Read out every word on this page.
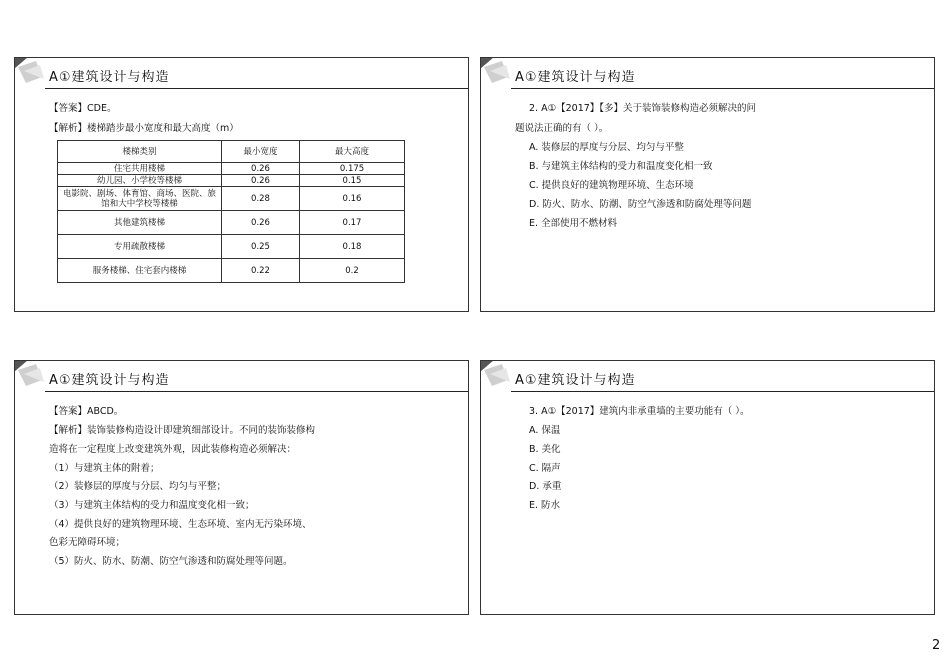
A①建筑设计与构造
【答案】CDE。
【解析】楼梯踏步最小宽度和最大高度（m）
楼梯类别	最小宽度	最大高度
住宅共用楼梯	0.26	0.175
幼儿园、小学校等楼梯	0.26	0.15
电影院、剧场、体育馆、商场、医院、旅馆和大中学校等楼梯	0.28	0.16
其他建筑楼梯	0.26	0.17
专用疏散楼梯	0.25	0.18
服务楼梯、住宅套内楼梯	0.22	0.2
A①建筑设计与构造
2. A①【2017】【多】关于装饰装修构造必须解决的问
题说法正确的有（ ）。
A. 装修层的厚度与分层、均匀与平整
B. 与建筑主体结构的受力和温度变化相一致
C. 提供良好的建筑物理环境、生态环境
D. 防火、防水、防潮、防空气渗透和防腐处理等问题
E. 全部使用不燃材料
A①建筑设计与构造
【答案】ABCD。
【解析】装饰装修构造设计即建筑细部设计。不同的装饰装修构
造将在一定程度上改变建筑外观，因此装修构造必须解决：
（1）与建筑主体的附着；
（2）装修层的厚度与分层、均匀与平整；
（3）与建筑主体结构的受力和温度变化相一致；
（4）提供良好的建筑物理环境、生态环境、室内无污染环境、
色彩无障碍环境；
（5）防火、防水、防潮、防空气渗透和防腐处理等问题。
A①建筑设计与构造
3. A①【2017】建筑内非承重墙的主要功能有（ ）。
A. 保温
B. 美化
C. 隔声
D. 承重
E. 防水
2
